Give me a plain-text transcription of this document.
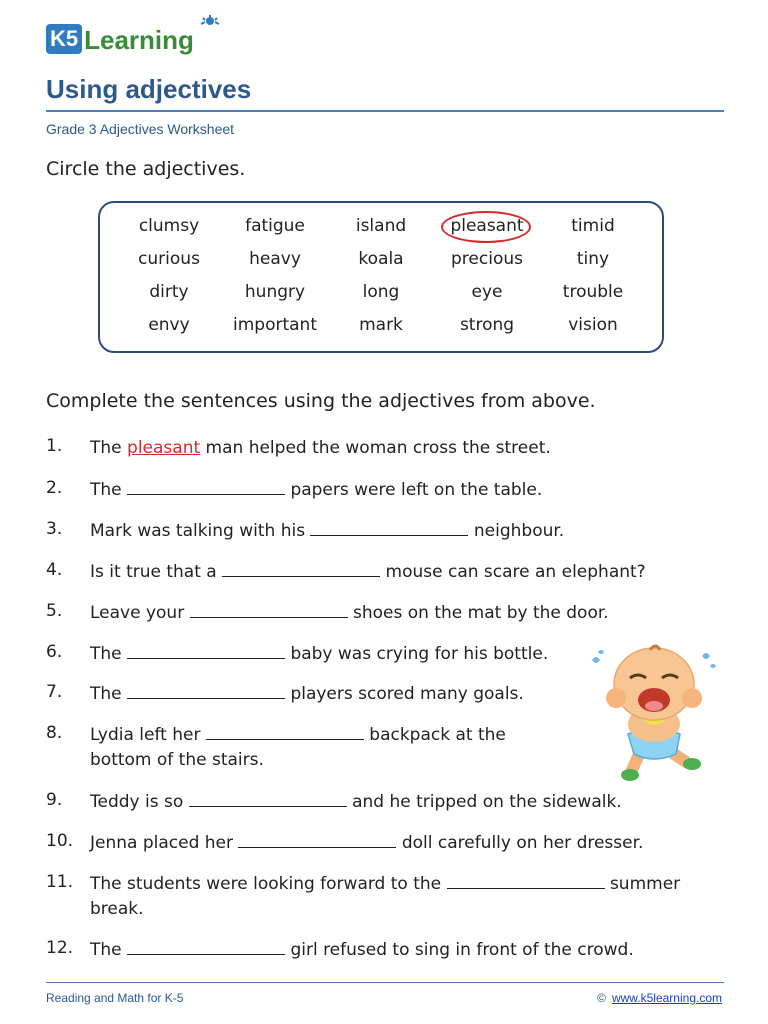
K5 Learning
Using adjectives
Grade 3 Adjectives Worksheet
Circle the adjectives.
clumsy	fatigue	island	pleasant	timid
curious	heavy	koala	precious	tiny
dirty	hungry	long	eye	trouble
envy	important	mark	strong	vision
Complete the sentences using the adjectives from above.
1. The pleasant man helped the woman cross the street.
2. The	papers were left on the table.
3. Mark was talking with his	neighbour.
4. Is it true that a	mouse can scare an elephant?
5. Leave your	shoes on the mat by the door.
6. The	baby was crying for his bottle.
7. The	players scored many goals.
8. Lydia left her	backpack at the
bottom of the stairs.
9. Teddy is so	and he tripped on the sidewalk.
10. Jenna placed her	doll carefully on her dresser.
11. The students were looking forward to the	summer
break.
12. The	girl refused to sing in front of the crowd.
Reading and Math for K-5	© www.k5learning.com
